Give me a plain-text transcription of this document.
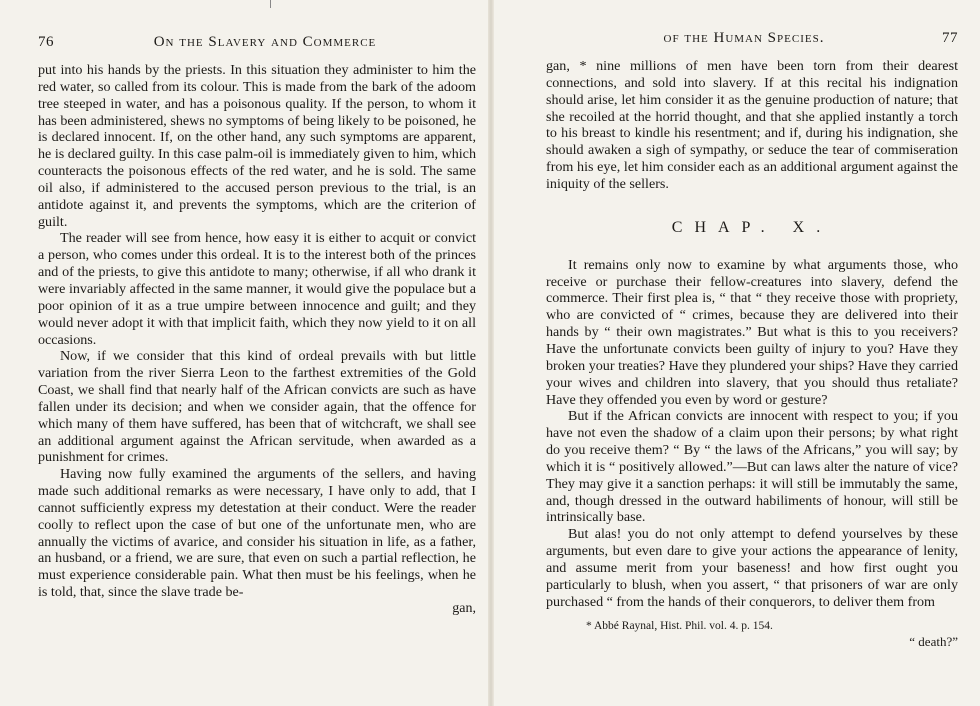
76	On the Slavery and Commerce

put into his hands by the priests. In this situation they administer to him the red water, so called from its colour. This is made from the bark of the adoom tree steeped in water, and has a poisonous quality. If the person, to whom it has been administered, shews no symptoms of being likely to be poisoned, he is declared innocent. If, on the other hand, any such symptoms are apparent, he is declared guilty. In this case palm-oil is immediately given to him, which counteracts the poisonous effects of the red water, and he is sold. The same oil also, if administered to the accused person previous to the trial, is an antidote against it, and prevents the symptoms, which are the criterion of guilt.

The reader will see from hence, how easy it is either to acquit or convict a person, who comes under this ordeal. It is to the interest both of the princes and of the priests, to give this antidote to many; otherwise, if all who drank it were invariably affected in the same manner, it would give the populace but a poor opinion of it as a true umpire between innocence and guilt; and they would never adopt it with that implicit faith, which they now yield to it on all occasions.

Now, if we consider that this kind of ordeal prevails with but little variation from the river Sierra Leon to the farthest extremities of the Gold Coast, we shall find that nearly half of the African convicts are such as have fallen under its decision; and when we consider again, that the offence for which many of them have suffered, has been that of witchcraft, we shall see an additional argument against the African servitude, when awarded as a punishment for crimes.

Having now fully examined the arguments of the sellers, and having made such additional remarks as were necessary, I have only to add, that I cannot sufficiently express my detestation at their conduct. Were the reader coolly to reflect upon the case of but one of the unfortunate men, who are annually the victims of avarice, and consider his situation in life, as a father, an husband, or a friend, we are sure, that even on such a partial reflection, he must experience considerable pain. What then must be his feelings, when he is told, that, since the slave trade be-

gan,
of the Human Species.	77

gan, * nine millions of men have been torn from their dearest connections, and sold into slavery. If at this recital his indignation should arise, let him consider it as the genuine production of nature; that she recoiled at the horrid thought, and that she applied instantly a torch to his breast to kindle his resentment; and if, during his indignation, she should awaken a sigh of sympathy, or seduce the tear of commiseration from his eye, let him consider each as an additional argument against the iniquity of the sellers.

CHAP. X.

It remains only now to examine by what arguments those, who receive or purchase their fellow-creatures into slavery, defend the commerce. Their first plea is, “ that “ they receive those with propriety, who are convicted of “ crimes, because they are delivered into their hands by “ their own magistrates.” But what is this to you receivers? Have the unfortunate convicts been guilty of injury to you? Have they broken your treaties? Have they plundered your ships? Have they carried your wives and children into slavery, that you should thus retaliate? Have they offended you even by word or gesture?

But if the African convicts are innocent with respect to you; if you have not even the shadow of a claim upon their persons; by what right do you receive them? “ By “ the laws of the Africans,” you will say; by which it is “ positively allowed.”—But can laws alter the nature of vice? They may give it a sanction perhaps: it will still be immutably the same, and, though dressed in the outward habiliments of honour, will still be intrinsically base.

But alas! you do not only attempt to defend yourselves by these arguments, but even dare to give your actions the appearance of lenity, and assume merit from your baseness! and how first ought you particularly to blush, when you assert, “ that prisoners of war are only purchased “ from the hands of their conquerors, to deliver them from

* Abbé Raynal, Hist. Phil. vol. 4. p. 154.
“ death?”
